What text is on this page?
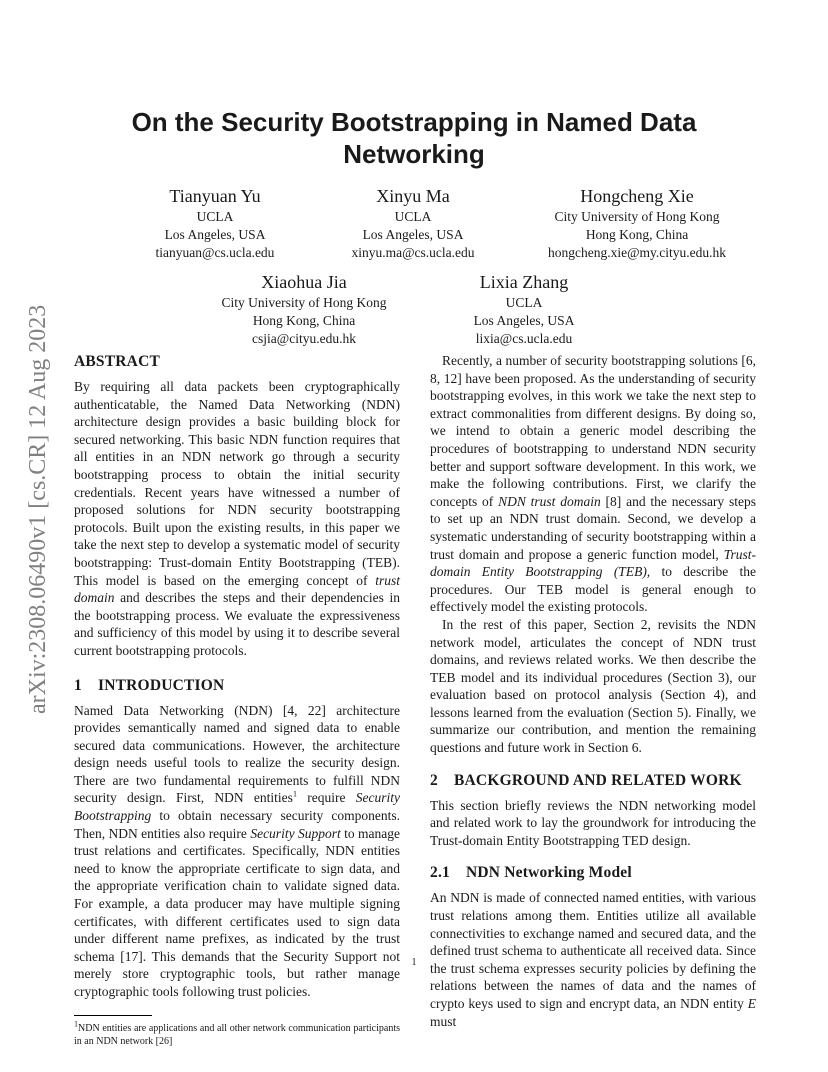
On the Security Bootstrapping in Named Data Networking
Tianyuan Yu
UCLA
Los Angeles, USA
tianyuan@cs.ucla.edu
Xinyu Ma
UCLA
Los Angeles, USA
xinyu.ma@cs.ucla.edu
Hongcheng Xie
City University of Hong Kong
Hong Kong, China
hongcheng.xie@my.cityu.edu.hk
Xiaohua Jia
City University of Hong Kong
Hong Kong, China
csjia@cityu.edu.hk
Lixia Zhang
UCLA
Los Angeles, USA
lixia@cs.ucla.edu
arXiv:2308.06490v1 [cs.CR] 12 Aug 2023 ABSTRACT

By requiring all data packets been cryptographically authenticatable, the Named Data Networking (NDN) architecture design provides a basic building block for secured networking. This basic NDN function requires that all entities in an NDN network go through a security bootstrapping process to obtain the initial security credentials. Recent years have witnessed a number of proposed solutions for NDN security bootstrapping protocols. Built upon the existing results, in this paper we take the next step to develop a systematic model of security bootstrapping: Trust-domain Entity Bootstrapping (TEB). This model is based on the emerging concept of trust domain and describes the steps and their dependencies in the bootstrapping process. We evaluate the expressiveness and sufficiency of this model by using it to describe several current bootstrapping protocols.

1 INTRODUCTION

Named Data Networking (NDN) [4, 22] architecture provides semantically named and signed data to enable secured data communications. However, the architecture design needs useful tools to realize the security design. There are two fundamental requirements to fulfill NDN security design. First, NDN entities$^1$ require Security Bootstrapping to obtain necessary security components. Then, NDN entities also require Security Support to manage trust relations and certificates. Specifically, NDN entities need to know the appropriate certificate to sign data, and the appropriate verification chain to validate signed data. For example, a data producer may have multiple signing certificates, with different certificates used to sign data under different name prefixes, as indicated by the trust schema [17]. This demands that the Security Support not merely store cryptographic tools, but rather manage cryptographic tools following trust policies.

$^1$NDN entities are applications and all other network communication participants in an NDN network [26]

Recently, a number of security bootstrapping solutions [6, 8, 12] have been proposed. As the understanding of security bootstrapping evolves, in this work we take the next step to extract commonalities from different designs. By doing so, we intend to obtain a generic model describing the procedures of bootstrapping to understand NDN security better and support software development. In this work, we make the following contributions. First, we clarify the concepts of NDN trust domain [8] and the necessary steps to set up an NDN trust domain. Second, we develop a systematic understanding of security bootstrapping within a trust domain and propose a generic function model, Trust-domain Entity Bootstrapping (TEB), to describe the procedures. Our TEB model is general enough to effectively model the existing protocols.

In the rest of this paper, Section 2, revisits the NDN network model, articulates the concept of NDN trust domains, and reviews related works. We then describe the TEB model and its individual procedures (Section 3), our evaluation based on protocol analysis (Section 4), and lessons learned from the evaluation (Section 5). Finally, we summarize our contribution, and mention the remaining questions and future work in Section 6.

2 BACKGROUND AND RELATED WORK

This section briefly reviews the NDN networking model and related work to lay the groundwork for introducing the Trust-domain Entity Bootstrapping TED design.

2.1 NDN Networking Model

An NDN is made of connected named entities, with various trust relations among them. Entities utilize all available connectivities to exchange named and secured data, and the defined trust schema to authenticate all received data. Since the trust schema expresses security policies by defining the relations between the names of data and the names of crypto keys used to sign and encrypt data, an NDN entity E must

1
